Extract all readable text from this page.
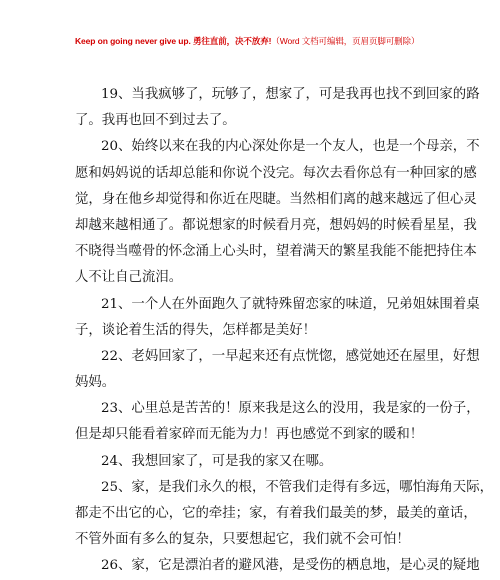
Keep on going never give up. 勇往直前，决不放弃!（Word 文档可编辑，页眉页脚可删除）
19、当我疯够了，玩够了，想家了，可是我再也找不到回家的路
了。我再也回不到过去了。
20、始终以来在我的内心深处你是一个友人，也是一个母亲，不
愿和妈妈说的话却总能和你说个没完。每次去看你总有一种回家的感
觉，身在他乡却觉得和你近在咫睫。当然相们离的越来越远了但心灵
却越来越相通了。都说想家的时候看月亮，想妈妈的时候看星星，我
不晓得当噬骨的怀念涌上心头时，望着满天的繁星我能不能把持住本
人不让自己流泪。
21、一个人在外面跑久了就特殊留恋家的味道，兄弟姐妹围着桌
子，谈论着生活的得失，怎样都是美好！
22、老妈回家了，一早起来还有点恍惚，感觉她还在屋里，好想
妈妈。
23、心里总是苦苦的！原来我是这么的没用，我是家的一份子，
但是却只能看着家碎而无能为力！再也感觉不到家的暖和！
24、我想回家了，可是我的家又在哪。
25、家，是我们永久的根，不管我们走得有多远，哪怕海角天际，
都走不出它的心，它的牵挂；家，有着我们最美的梦，最美的童话，
不管外面有多么的复杂，只要想起它，我们就不会可怕！
26、家，它是漂泊者的避风港，是受伤的栖息地，是心灵的疑地
